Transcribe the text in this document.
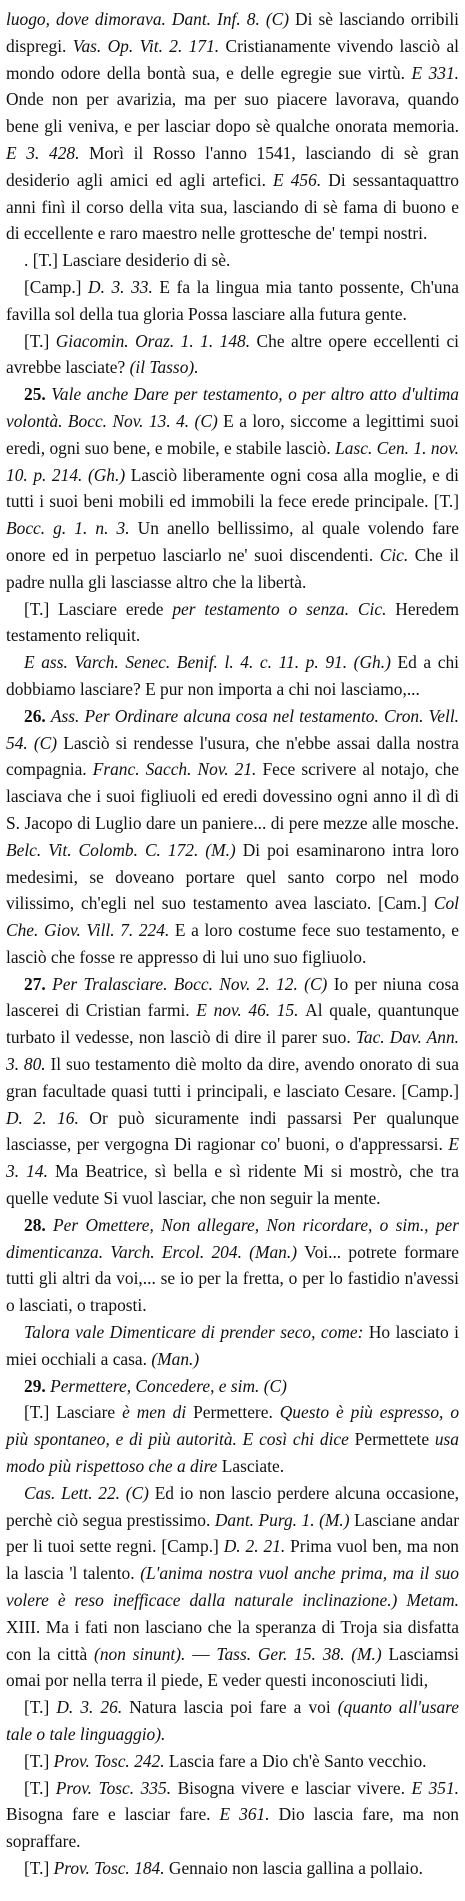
luogo, dove dimorava. Dant. Inf. 8. (C) Di sè lasciando orribili dispregi. Vas. Op. Vit. 2. 171. Cristianamente vivendo lasciò al mondo odore della bontà sua, e delle egregie sue virtù. E 331. Onde non per avarizia, ma per suo piacere lavorava, quando bene gli veniva, e per lasciar dopo sè qualche onorata memoria. E 3. 428. Morì il Rosso l'anno 1541, lasciando di sè gran desiderio agli amici ed agli artefici. E 456. Di sessantaquattro anni finì il corso della vita sua, lasciando di sè fama di buono e di eccellente e raro maestro nelle grottesche de' tempi nostri.

. [T.] Lasciare desiderio di sè.

[Camp.] D. 3. 33. E fa la lingua mia tanto possente, Ch'una favilla sol della tua gloria Possa lasciare alla futura gente.

[T.] Giacomin. Oraz. 1. 1. 148. Che altre opere eccellenti ci avrebbe lasciate? (il Tasso).

25. Vale anche Dare per testamento, o per altro atto d'ultima volontà. Bocc. Nov. 13. 4. (C) E a loro, siccome a legittimi suoi eredi, ogni suo bene, e mobile, e stabile lasciò. Lasc. Cen. 1. nov. 10. p. 214. (Gh.) Lasciò liberamente ogni cosa alla moglie, e di tutti i suoi beni mobili ed immobili la fece erede principale. [T.] Bocc. g. 1. n. 3. Un anello bellissimo, al quale volendo fare onore ed in perpetuo lasciarlo ne' suoi discendenti. Cic. Che il padre nulla gli lasciasse altro che la libertà.

[T.] Lasciare erede per testamento o senza. Cic. Heredem testamento reliquit.

E ass. Varch. Senec. Benif. l. 4. c. 11. p. 91. (Gh.) Ed a chi dobbiamo lasciare? E pur non importa a chi noi lasciamo,...

26. Ass. Per Ordinare alcuna cosa nel testamento. Cron. Vell. 54. (C) Lasciò si rendesse l'usura, che n'ebbe assai dalla nostra compagnia. Franc. Sacch. Nov. 21. Fece scrivere al notajo, che lasciava che i suoi figliuoli ed eredi dovessino ogni anno il dì di S. Jacopo di Luglio dare un paniere... di pere mezze alle mosche. Belc. Vit. Colomb. C. 172. (M.) Di poi esaminarono intra loro medesimi, se doveano portare quel santo corpo nel modo vilissimo, ch'egli nel suo testamento avea lasciato. [Cam.] Col Che. Giov. Vill. 7. 224. E a loro costume fece suo testamento, e lasciò che fosse re appresso di lui uno suo figliuolo.

27. Per Tralasciare. Bocc. Nov. 2. 12. (C) Io per niuna cosa lascerei di Cristian farmi. E nov. 46. 15. Al quale, quantunque turbato il vedesse, non lasciò di dire il parer suo. Tac. Dav. Ann. 3. 80. Il suo testamento diè molto da dire, avendo onorato di sua gran facultade quasi tutti i principali, e lasciato Cesare. [Camp.] D. 2. 16. Or può sicuramente indi passarsi Per qualunque lasciasse, per vergogna Di ragionar co' buoni, o d'appressarsi. E 3. 14. Ma Beatrice, sì bella e sì ridente Mi si mostrò, che tra quelle vedute Si vuol lasciar, che non seguir la mente.

28. Per Omettere, Non allegare, Non ricordare, o sim., per dimenticanza. Varch. Ercol. 204. (Man.) Voi... potrete formare tutti gli altri da voi,... se io per la fretta, o per lo fastidio n'avessi o lasciati, o traposti.

Talora vale Dimenticare di prender seco, come: Ho lasciato i miei occhiali a casa. (Man.)

29. Permettere, Concedere, e sim. (C)

[T.] Lasciare è men di Permettere. Questo è più espresso, o più spontaneo, e di più autorità. E così chi dice Permettete usa modo più rispettoso che a dire Lasciate.

Cas. Lett. 22. (C) Ed io non lascio perdere alcuna occasione, perchè ciò segua prestissimo. Dant. Purg. 1. (M.) Lasciane andar per li tuoi sette regni. [Camp.] D. 2. 21. Prima vuol ben, ma non la lascia 'l talento. (L'anima nostra vuol anche prima, ma il suo volere è reso inefficace dalla naturale inclinazione.) Metam. XIII. Ma i fati non lasciano che la speranza di Troja sia disfatta con la città (non sinunt). — Tass. Ger. 15. 38. (M.) Lasciamsi omai por nella terra il piede, E veder questi inconosciuti lidi,

[T.] D. 3. 26. Natura lascia poi fare a voi (quanto all'usare tale o tale linguaggio).

[T.] Prov. Tosc. 242. Lascia fare a Dio ch'è Santo vecchio.

[T.] Prov. Tosc. 335. Bisogna vivere e lasciar vivere. E 351. Bisogna fare e lasciar fare. E 361. Dio lascia fare, ma non sopraffare.

[T.] Prov. Tosc. 184. Gennaio non lascia gallina a pollaio.
